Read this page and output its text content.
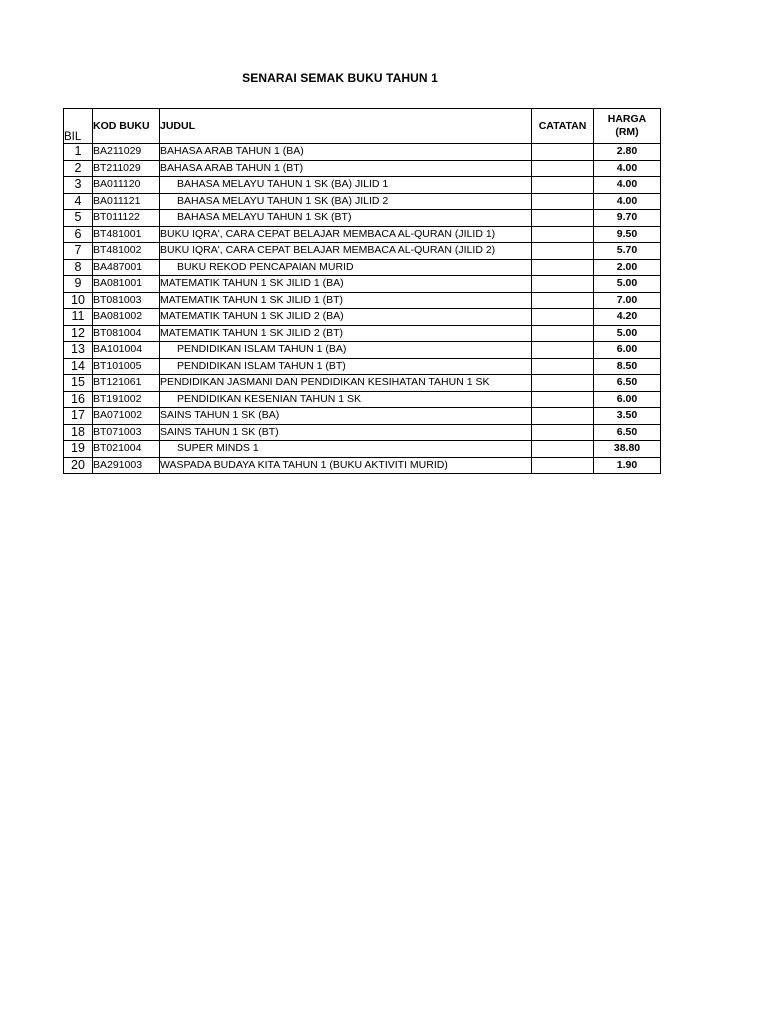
SENARAI SEMAK BUKU TAHUN 1
BIL	KOD BUKU	JUDUL	CATATAN	HARGA
(RM)

1	BA211029	BAHASA ARAB TAHUN 1 (BA)		2.80
2	BT211029	BAHASA ARAB TAHUN 1 (BT)		4.00
3	BA011120	BAHASA MELAYU TAHUN 1 SK (BA) JILID 1		4.00
4	BA011121	BAHASA MELAYU TAHUN 1 SK (BA) JILID 2		4.00
5	BT011122	BAHASA MELAYU TAHUN 1 SK (BT)		9.70
6	BT481001	BUKU IQRA', CARA CEPAT BELAJAR MEMBACA AL-QURAN (JILID 1)		9.50
7	BT481002	BUKU IQRA', CARA CEPAT BELAJAR MEMBACA AL-QURAN (JILID 2)		5.70
8	BA487001	BUKU REKOD PENCAPAIAN MURID		2.00
9	BA081001	MATEMATIK TAHUN 1 SK JILID 1 (BA)		5.00
10	BT081003	MATEMATIK TAHUN 1 SK JILID 1 (BT)		7.00
11	BA081002	MATEMATIK TAHUN 1 SK JILID 2 (BA)		4.20
12	BT081004	MATEMATIK TAHUN 1 SK JILID 2 (BT)		5.00
13	BA101004	PENDIDIKAN ISLAM TAHUN 1 (BA)		6.00
14	BT101005	PENDIDIKAN ISLAM TAHUN 1 (BT)		8.50
15	BT121061	PENDIDIKAN JASMANI DAN PENDIDIKAN KESIHATAN TAHUN 1 SK		6.50
16	BT191002	PENDIDIKAN KESENIAN TAHUN 1 SK		6.00
17	BA071002	SAINS TAHUN 1 SK (BA)		3.50
18	BT071003	SAINS TAHUN 1 SK (BT)		6.50
19	BT021004	SUPER MINDS 1		38.80
20	BA291003	WASPADA BUDAYA KITA TAHUN 1 (BUKU AKTIVITI MURID)		1.90
